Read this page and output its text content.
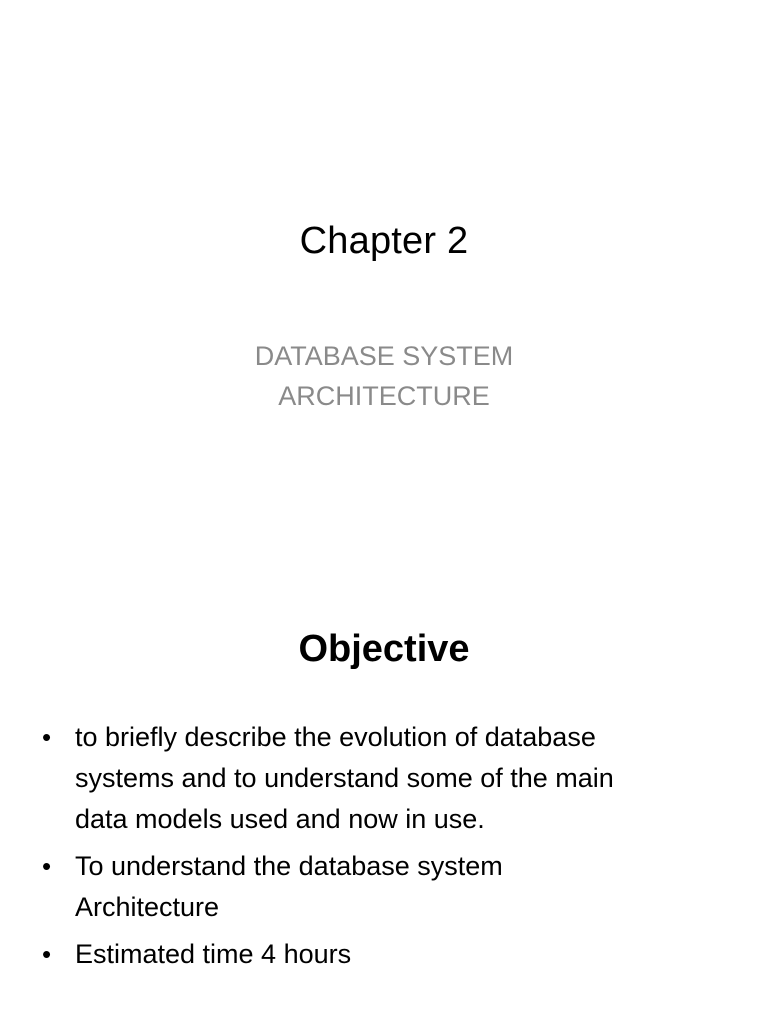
Chapter 2
DATABASE SYSTEM
ARCHITECTURE
Objective
• to briefly describe the evolution of database
systems and to understand some of the main
data models used and now in use.
• To understand the database system
Architecture
• Estimated time 4 hours
